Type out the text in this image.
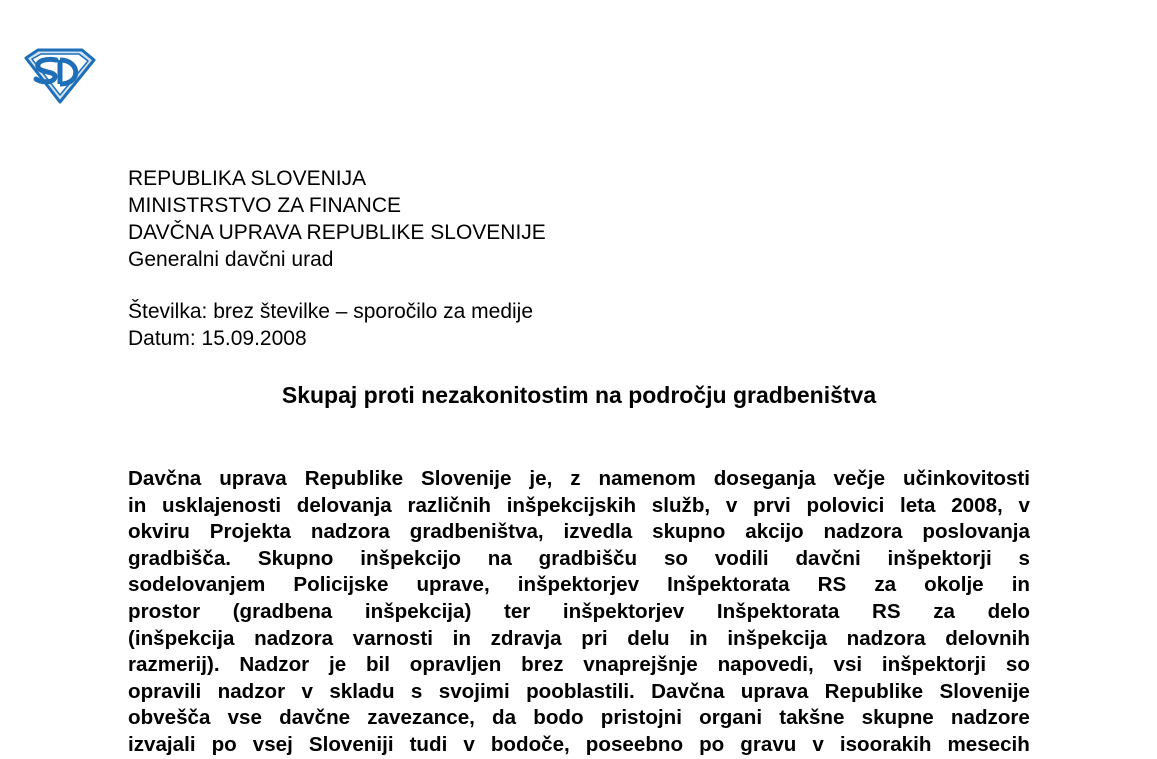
REPUBLIKA SLOVENIJA
MINISTRSTVO ZA FINANCE
DAVČNA UPRAVA REPUBLIKE SLOVENIJE
Generalni davčni urad
Številka: brez številke – sporočilo za medije
Datum: 15.09.2008
Skupaj proti nezakonitostim na področju gradbeništva
Davčna uprava Republike Slovenije je, z namenom doseganja večje učinkovitosti
in usklajenosti delovanja različnih inšpekcijskih služb, v prvi polovici leta 2008, v
okviru Projekta nadzora gradbeništva, izvedla skupno akcijo nadzora poslovanja
gradbišča. Skupno inšpekcijo na gradbišču so vodili davčni inšpektorji s
sodelovanjem Policijske uprave, inšpektorjev Inšpektorata RS za okolje in
prostor (gradbena inšpekcija) ter inšpektorjev Inšpektorata RS za delo
(inšpekcija nadzora varnosti in zdravja pri delu in inšpekcija nadzora delovnih
razmerij). Nadzor je bil opravljen brez vnaprejšnje napovedi, vsi inšpektorji so
opravili nadzor v skladu s svojimi pooblastili. Davčna uprava Republike Slovenije
obvešča vse davčne zavezance, da bodo pristojni organi takšne skupne nadzore
izvajali po vsej Sloveniji tudi v bodoče, poseebno po gravu v isoorakih mesecih
